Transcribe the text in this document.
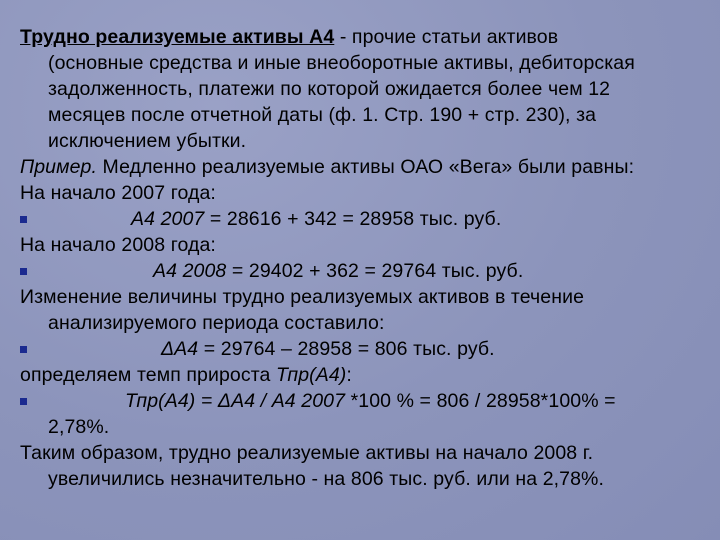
Трудно реализуемые активы А4 - прочие статьи активов
(основные средства и иные внеоборотные активы, дебиторская
задолженность, платежи по которой ожидается более чем 12
месяцев после отчетной даты (ф. 1. Стр. 190 + стр. 230), за
исключением убытки.
Пример. Медленно реализуемые активы ОАО «Вега» были равны:
На начало 2007 года:
А4 2007 = 28616 + 342 = 28958 тыс. руб.
На начало 2008 года:
А4 2008 = 29402 + 362 = 29764 тыс. руб.
Изменение величины трудно реализуемых активов в течение
анализируемого периода составило:
ΔА4 = 29764 – 28958 = 806 тыс. руб.
определяем темп прироста Тпр(А4):
Тпр(А4) = ΔА4 / А4 2007 *100 % = 806 / 28958*100% =
2,78%.
Таким образом, трудно реализуемые активы на начало 2008 г.
увеличились незначительно - на 806 тыс. руб. или на 2,78%.
